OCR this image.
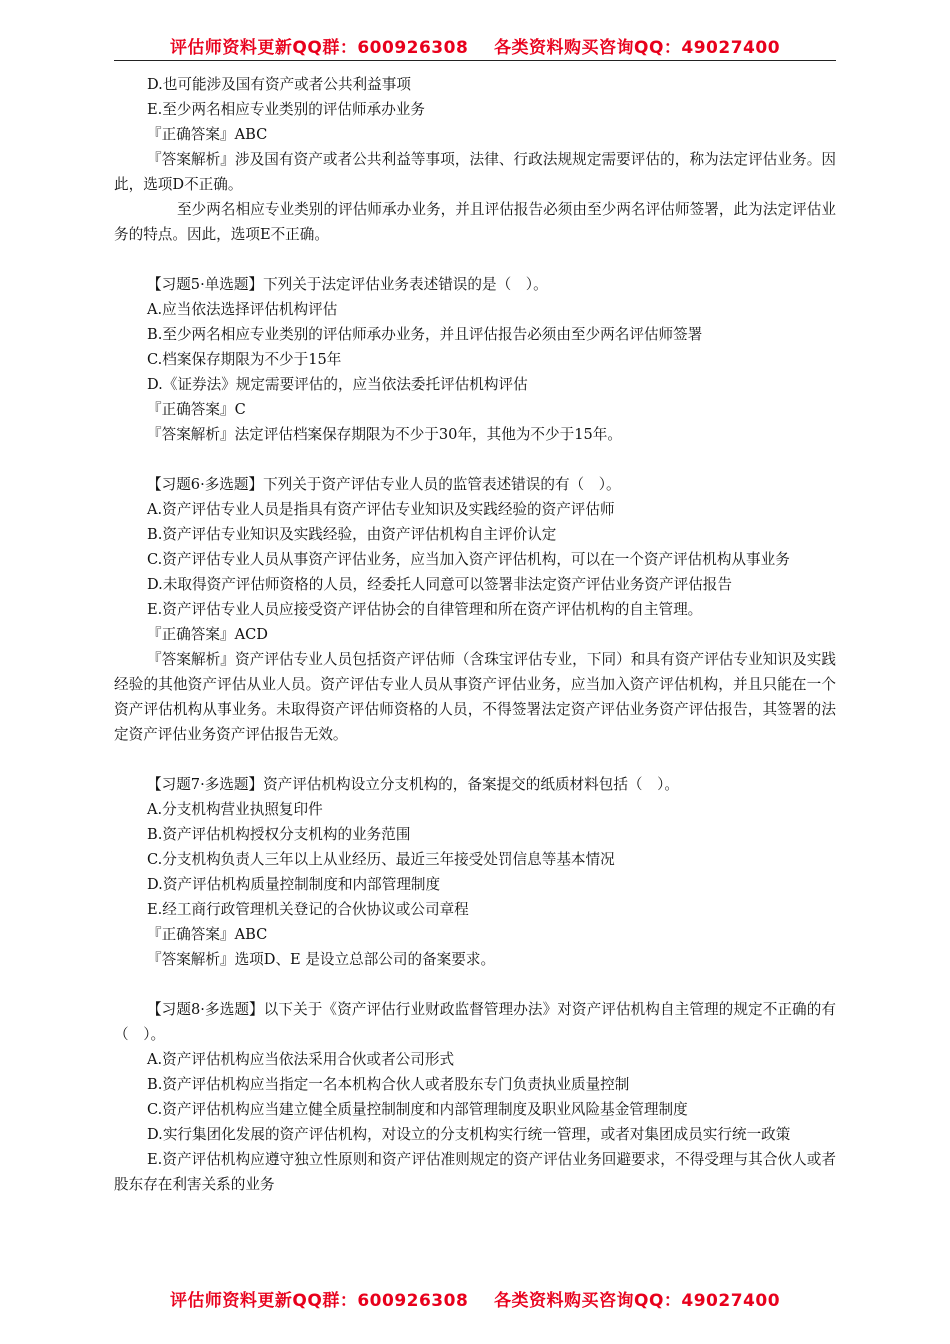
评估师资料更新QQ群：600926308 各类资料购买咨询QQ：49027400
D.也可能涉及国有资产或者公共利益事项
E.至少两名相应专业类别的评估师承办业务
『正确答案』ABC
『答案解析』涉及国有资产或者公共利益等事项，法律、行政法规规定需要评估的，称为法定评估业务。因此，选项D不正确。
至少两名相应专业类别的评估师承办业务，并且评估报告必须由至少两名评估师签署，此为法定评估业务的特点。因此，选项E不正确。
【习题5·单选题】下列关于法定评估业务表述错误的是（　）。
A.应当依法选择评估机构评估
B.至少两名相应专业类别的评估师承办业务，并且评估报告必须由至少两名评估师签署
C.档案保存期限为不少于15年
D.《证券法》规定需要评估的，应当依法委托评估机构评估
『正确答案』C
『答案解析』法定评估档案保存期限为不少于30年，其他为不少于15年。
【习题6·多选题】下列关于资产评估专业人员的监管表述错误的有（　）。
A.资产评估专业人员是指具有资产评估专业知识及实践经验的资产评估师
B.资产评估专业知识及实践经验，由资产评估机构自主评价认定
C.资产评估专业人员从事资产评估业务，应当加入资产评估机构，可以在一个资产评估机构从事业务
D.未取得资产评估师资格的人员，经委托人同意可以签署非法定资产评估业务资产评估报告
E.资产评估专业人员应接受资产评估协会的自律管理和所在资产评估机构的自主管理。
『正确答案』ACD
『答案解析』资产评估专业人员包括资产评估师（含珠宝评估专业，下同）和具有资产评估专业知识及实践经验的其他资产评估从业人员。资产评估专业人员从事资产评估业务，应当加入资产评估机构，并且只能在一个资产评估机构从事业务。未取得资产评估师资格的人员，不得签署法定资产评估业务资产评估报告，其签署的法定资产评估业务资产评估报告无效。
【习题7·多选题】资产评估机构设立分支机构的，备案提交的纸质材料包括（　）。
A.分支机构营业执照复印件
B.资产评估机构授权分支机构的业务范围
C.分支机构负责人三年以上从业经历、最近三年接受处罚信息等基本情况
D.资产评估机构质量控制制度和内部管理制度
E.经工商行政管理机关登记的合伙协议或公司章程
『正确答案』ABC
『答案解析』选项D、E 是设立总部公司的备案要求。
【习题8·多选题】以下关于《资产评估行业财政监督管理办法》对资产评估机构自主管理的规定不正确的有（　）。
A.资产评估机构应当依法采用合伙或者公司形式
B.资产评估机构应当指定一名本机构合伙人或者股东专门负责执业质量控制
C.资产评估机构应当建立健全质量控制制度和内部管理制度及职业风险基金管理制度
D.实行集团化发展的资产评估机构，对设立的分支机构实行统一管理，或者对集团成员实行统一政策
E.资产评估机构应遵守独立性原则和资产评估准则规定的资产评估业务回避要求，不得受理与其合伙人或者股东存在利害关系的业务
评估师资料更新QQ群：600926308 各类资料购买咨询QQ：49027400
